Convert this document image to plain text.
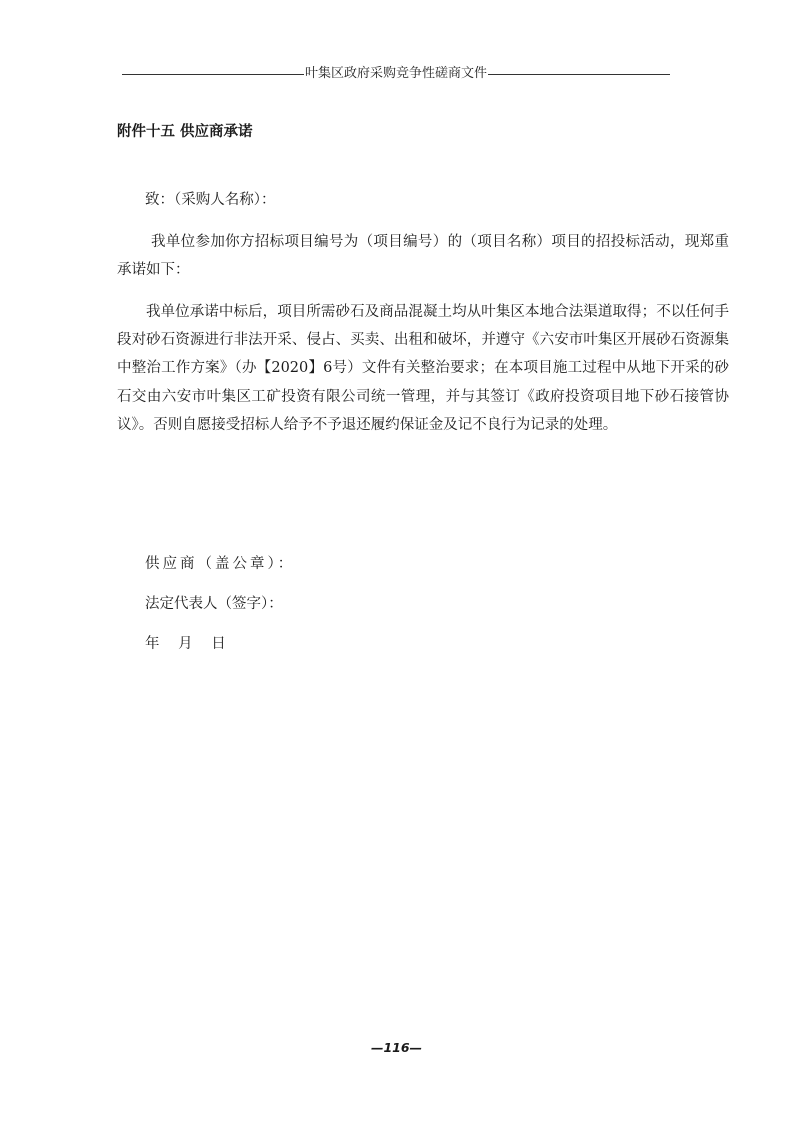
叶集区政府采购竞争性磋商文件
附件十五 供应商承诺
致：（采购人名称）：
我单位参加你方招标项目编号为（项目编号）的（项目名称）项目的招投标活动，现郑重承诺如下：
我单位承诺中标后，项目所需砂石及商品混凝土均从叶集区本地合法渠道取得；不以任何手段对砂石资源进行非法开采、侵占、买卖、出租和破坏，并遵守《六安市叶集区开展砂石资源集中整治工作方案》（办【2020】6号）文件有关整治要求；在本项目施工过程中从地下开采的砂石交由六安市叶集区工矿投资有限公司统一管理，并与其签订《政府投资项目地下砂石接管协议》。否则自愿接受招标人给予不予退还履约保证金及记不良行为记录的处理。
供应商（盖公章）：
法定代表人（签字）：
年 月 日
—116—
